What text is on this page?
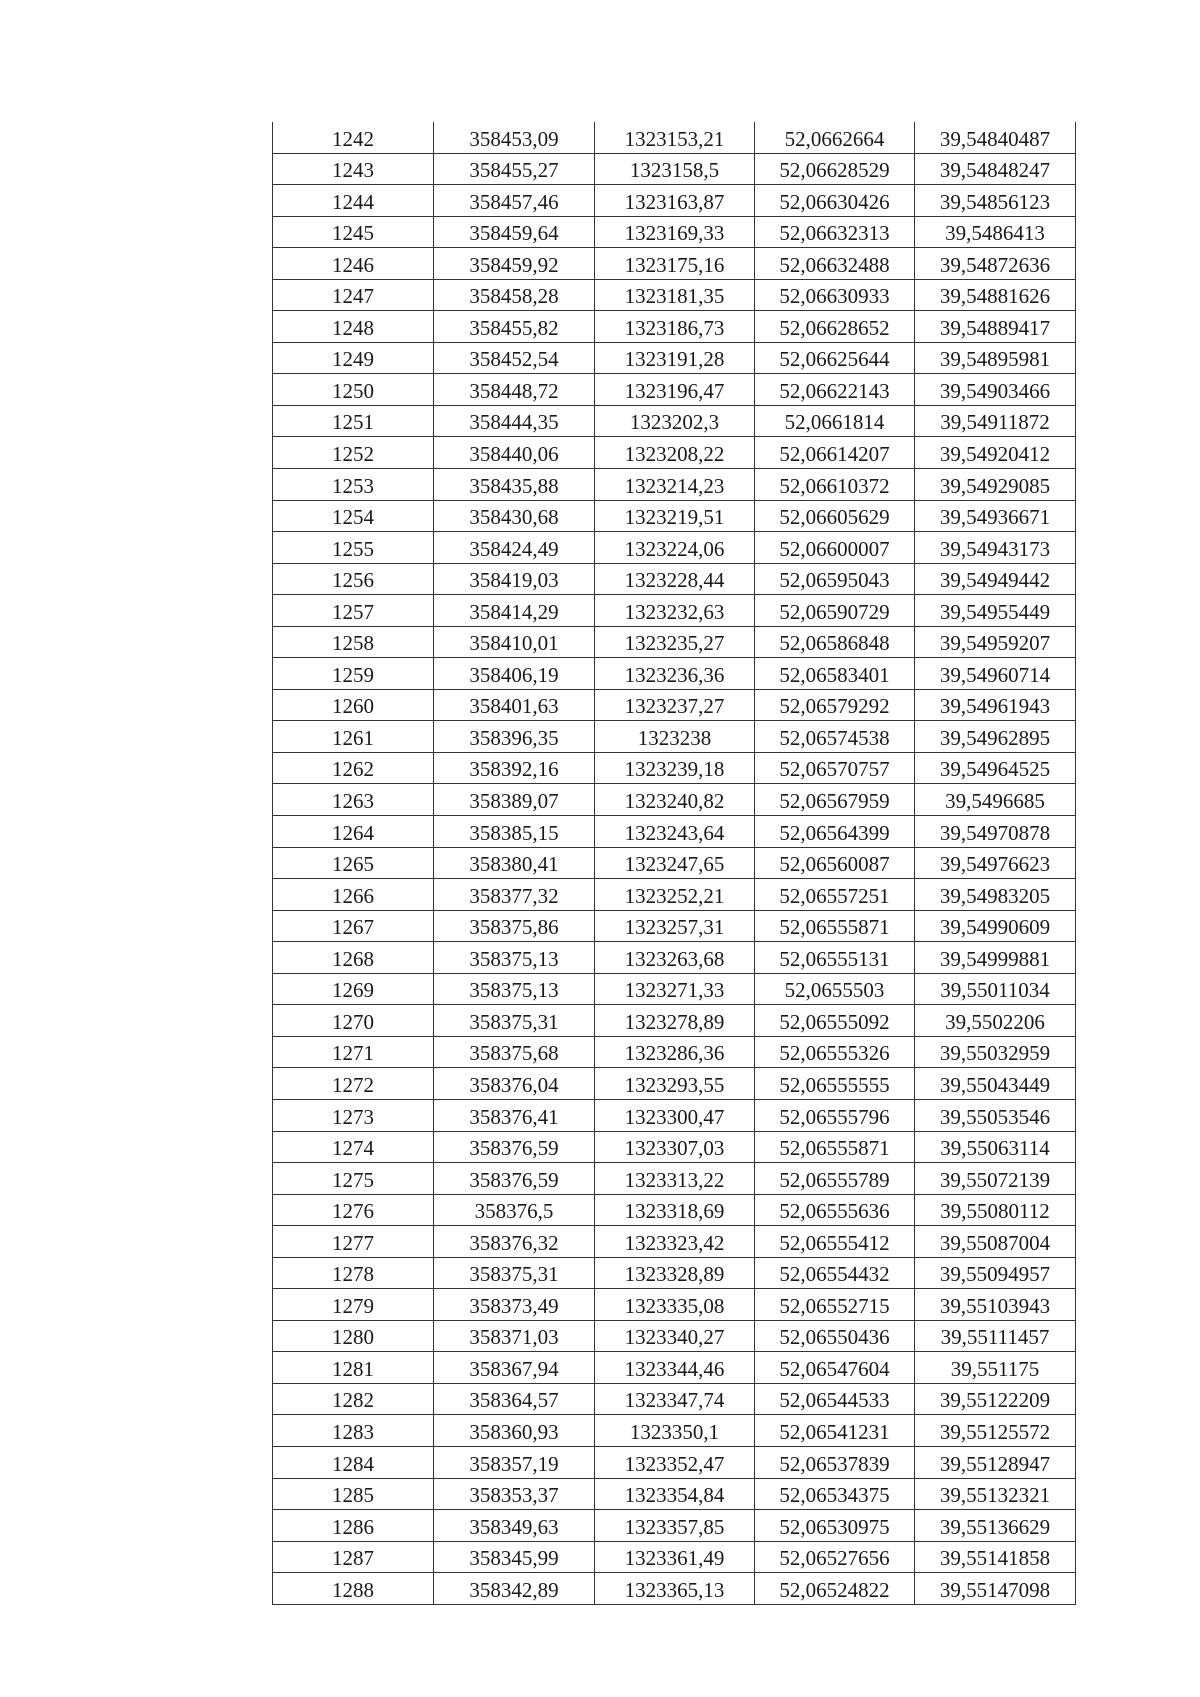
1242	358453,09	1323153,21	52,0662664	39,54840487
1243	358455,27	1323158,5	52,06628529	39,54848247
1244	358457,46	1323163,87	52,06630426	39,54856123
1245	358459,64	1323169,33	52,06632313	39,5486413
1246	358459,92	1323175,16	52,06632488	39,54872636
1247	358458,28	1323181,35	52,06630933	39,54881626
1248	358455,82	1323186,73	52,06628652	39,54889417
1249	358452,54	1323191,28	52,06625644	39,54895981
1250	358448,72	1323196,47	52,06622143	39,54903466
1251	358444,35	1323202,3	52,0661814	39,54911872
1252	358440,06	1323208,22	52,06614207	39,54920412
1253	358435,88	1323214,23	52,06610372	39,54929085
1254	358430,68	1323219,51	52,06605629	39,54936671
1255	358424,49	1323224,06	52,06600007	39,54943173
1256	358419,03	1323228,44	52,06595043	39,54949442
1257	358414,29	1323232,63	52,06590729	39,54955449
1258	358410,01	1323235,27	52,06586848	39,54959207
1259	358406,19	1323236,36	52,06583401	39,54960714
1260	358401,63	1323237,27	52,06579292	39,54961943
1261	358396,35	1323238	52,06574538	39,54962895
1262	358392,16	1323239,18	52,06570757	39,54964525
1263	358389,07	1323240,82	52,06567959	39,5496685
1264	358385,15	1323243,64	52,06564399	39,54970878
1265	358380,41	1323247,65	52,06560087	39,54976623
1266	358377,32	1323252,21	52,06557251	39,54983205
1267	358375,86	1323257,31	52,06555871	39,54990609
1268	358375,13	1323263,68	52,06555131	39,54999881
1269	358375,13	1323271,33	52,0655503	39,55011034
1270	358375,31	1323278,89	52,06555092	39,5502206
1271	358375,68	1323286,36	52,06555326	39,55032959
1272	358376,04	1323293,55	52,06555555	39,55043449
1273	358376,41	1323300,47	52,06555796	39,55053546
1274	358376,59	1323307,03	52,06555871	39,55063114
1275	358376,59	1323313,22	52,06555789	39,55072139
1276	358376,5	1323318,69	52,06555636	39,55080112
1277	358376,32	1323323,42	52,06555412	39,55087004
1278	358375,31	1323328,89	52,06554432	39,55094957
1279	358373,49	1323335,08	52,06552715	39,55103943
1280	358371,03	1323340,27	52,06550436	39,55111457
1281	358367,94	1323344,46	52,06547604	39,551175
1282	358364,57	1323347,74	52,06544533	39,55122209
1283	358360,93	1323350,1	52,06541231	39,55125572
1284	358357,19	1323352,47	52,06537839	39,55128947
1285	358353,37	1323354,84	52,06534375	39,55132321
1286	358349,63	1323357,85	52,06530975	39,55136629
1287	358345,99	1323361,49	52,06527656	39,55141858
1288	358342,89	1323365,13	52,06524822	39,55147098
